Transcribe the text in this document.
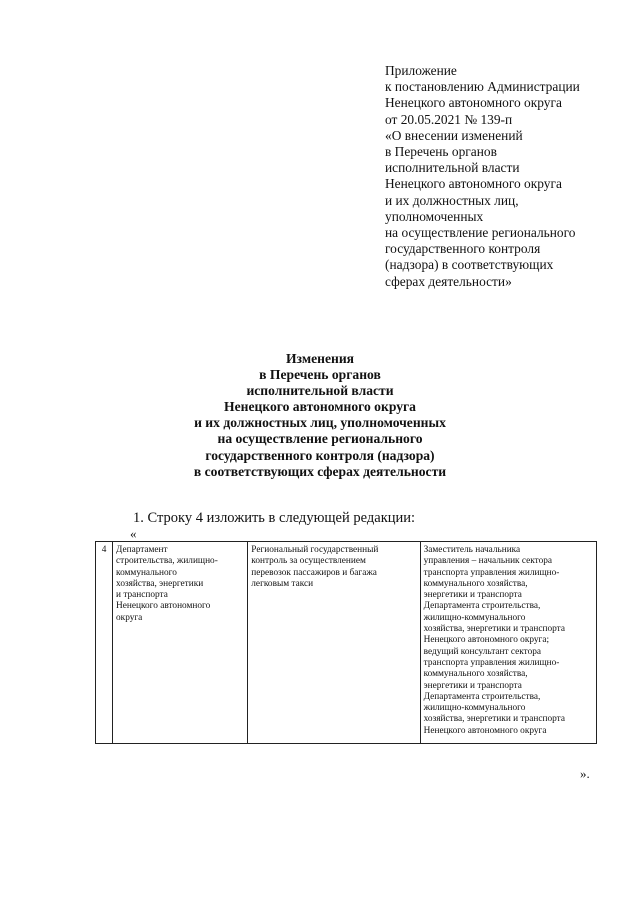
Приложение
к постановлению Администрации
Ненецкого автономного округа
от 20.05.2021 № 139-п
«О внесении изменений
в Перечень органов
исполнительной власти
Ненецкого автономного округа
и их должностных лиц,
уполномоченных
на осуществление регионального
государственного контроля
(надзора) в соответствующих
сферах деятельности»
Изменения
в Перечень органов
исполнительной власти
Ненецкого автономного округа
и их должностных лиц, уполномоченных
на осуществление регионального
государственного контроля (надзора)
в соответствующих сферах деятельности
1. Строку 4 изложить в следующей редакции:
«
4	Департамент
строительства, жилищно-
коммунального
хозяйства, энергетики
и транспорта
Ненецкого автономного
округа

Региональный государственный
контроль за осуществлением
перевозок пассажиров и багажа
легковым такси

Заместитель начальника
управления – начальник сектора
транспорта управления жилищно-
коммунального хозяйства,
энергетики и транспорта
Департамента строительства,
жилищно-коммунального
хозяйства, энергетики и транспорта
Ненецкого автономного округа;
ведущий консультант сектора
транспорта управления жилищно-
коммунального хозяйства,
энергетики и транспорта
Департамента строительства,
жилищно-коммунального
хозяйства, энергетики и транспорта
Ненецкого автономного округа
».
